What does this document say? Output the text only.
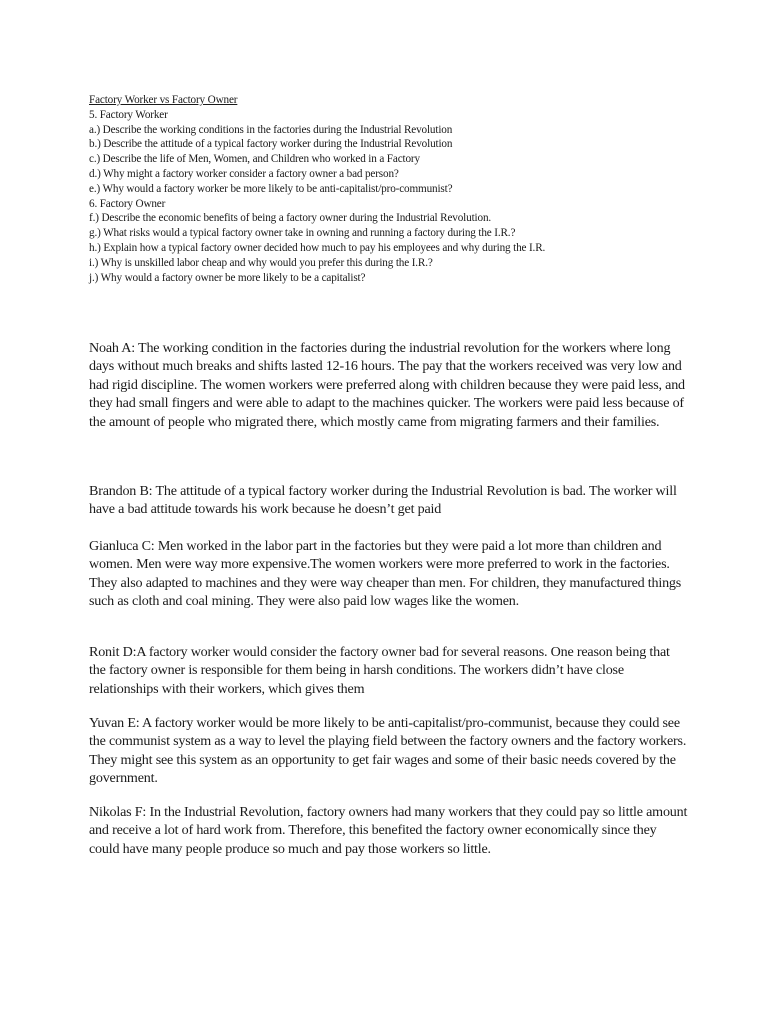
Factory Worker vs Factory Owner
5. Factory Worker
a.) Describe the working conditions in the factories during the Industrial Revolution
b.) Describe the attitude of a typical factory worker during the Industrial Revolution
c.) Describe the life of Men, Women, and Children who worked in a Factory
d.) Why might a factory worker consider a factory owner a bad person?
e.) Why would a factory worker be more likely to be anti-capitalist/pro-communist?
6. Factory Owner
f.) Describe the economic benefits of being a factory owner during the Industrial Revolution.
g.) What risks would a typical factory owner take in owning and running a factory during the I.R.?
h.) Explain how a typical factory owner decided how much to pay his employees and why during the I.R.
i.) Why is unskilled labor cheap and why would you prefer this during the I.R.?
j.) Why would a factory owner be more likely to be a capitalist?

Noah A: The working condition in the factories during the industrial revolution for the workers where long days without much breaks and shifts lasted 12-16 hours. The pay that the workers received was very low and had rigid discipline. The women workers were preferred along with children because they were paid less, and they had small fingers and were able to adapt to the machines quicker. The workers were paid less because of the amount of people who migrated there, which mostly came from migrating farmers and their families.

Brandon B: The attitude of a typical factory worker during the Industrial Revolution is bad. The worker will have a bad attitude towards his work because he doesn’t get paid

Gianluca C: Men worked in the labor part in the factories but they were paid a lot more than children and women. Men were way more expensive.The women workers were more preferred to work in the factories. They also adapted to machines and they were way cheaper than men. For children, they manufactured things such as cloth and coal mining. They were also paid low wages like the women.

Ronit D:A factory worker would consider the factory owner bad for several reasons. One reason being that the factory owner is responsible for them being in harsh conditions. The workers didn’t have close relationships with their workers, which gives them

Yuvan E: A factory worker would be more likely to be anti-capitalist/pro-communist, because they could see the communist system as a way to level the playing field between the factory owners and the factory workers. They might see this system as an opportunity to get fair wages and some of their basic needs covered by the government.

Nikolas F: In the Industrial Revolution, factory owners had many workers that they could pay so little amount and receive a lot of hard work from. Therefore, this benefited the factory owner economically since they could have many people produce so much and pay those workers so little.
